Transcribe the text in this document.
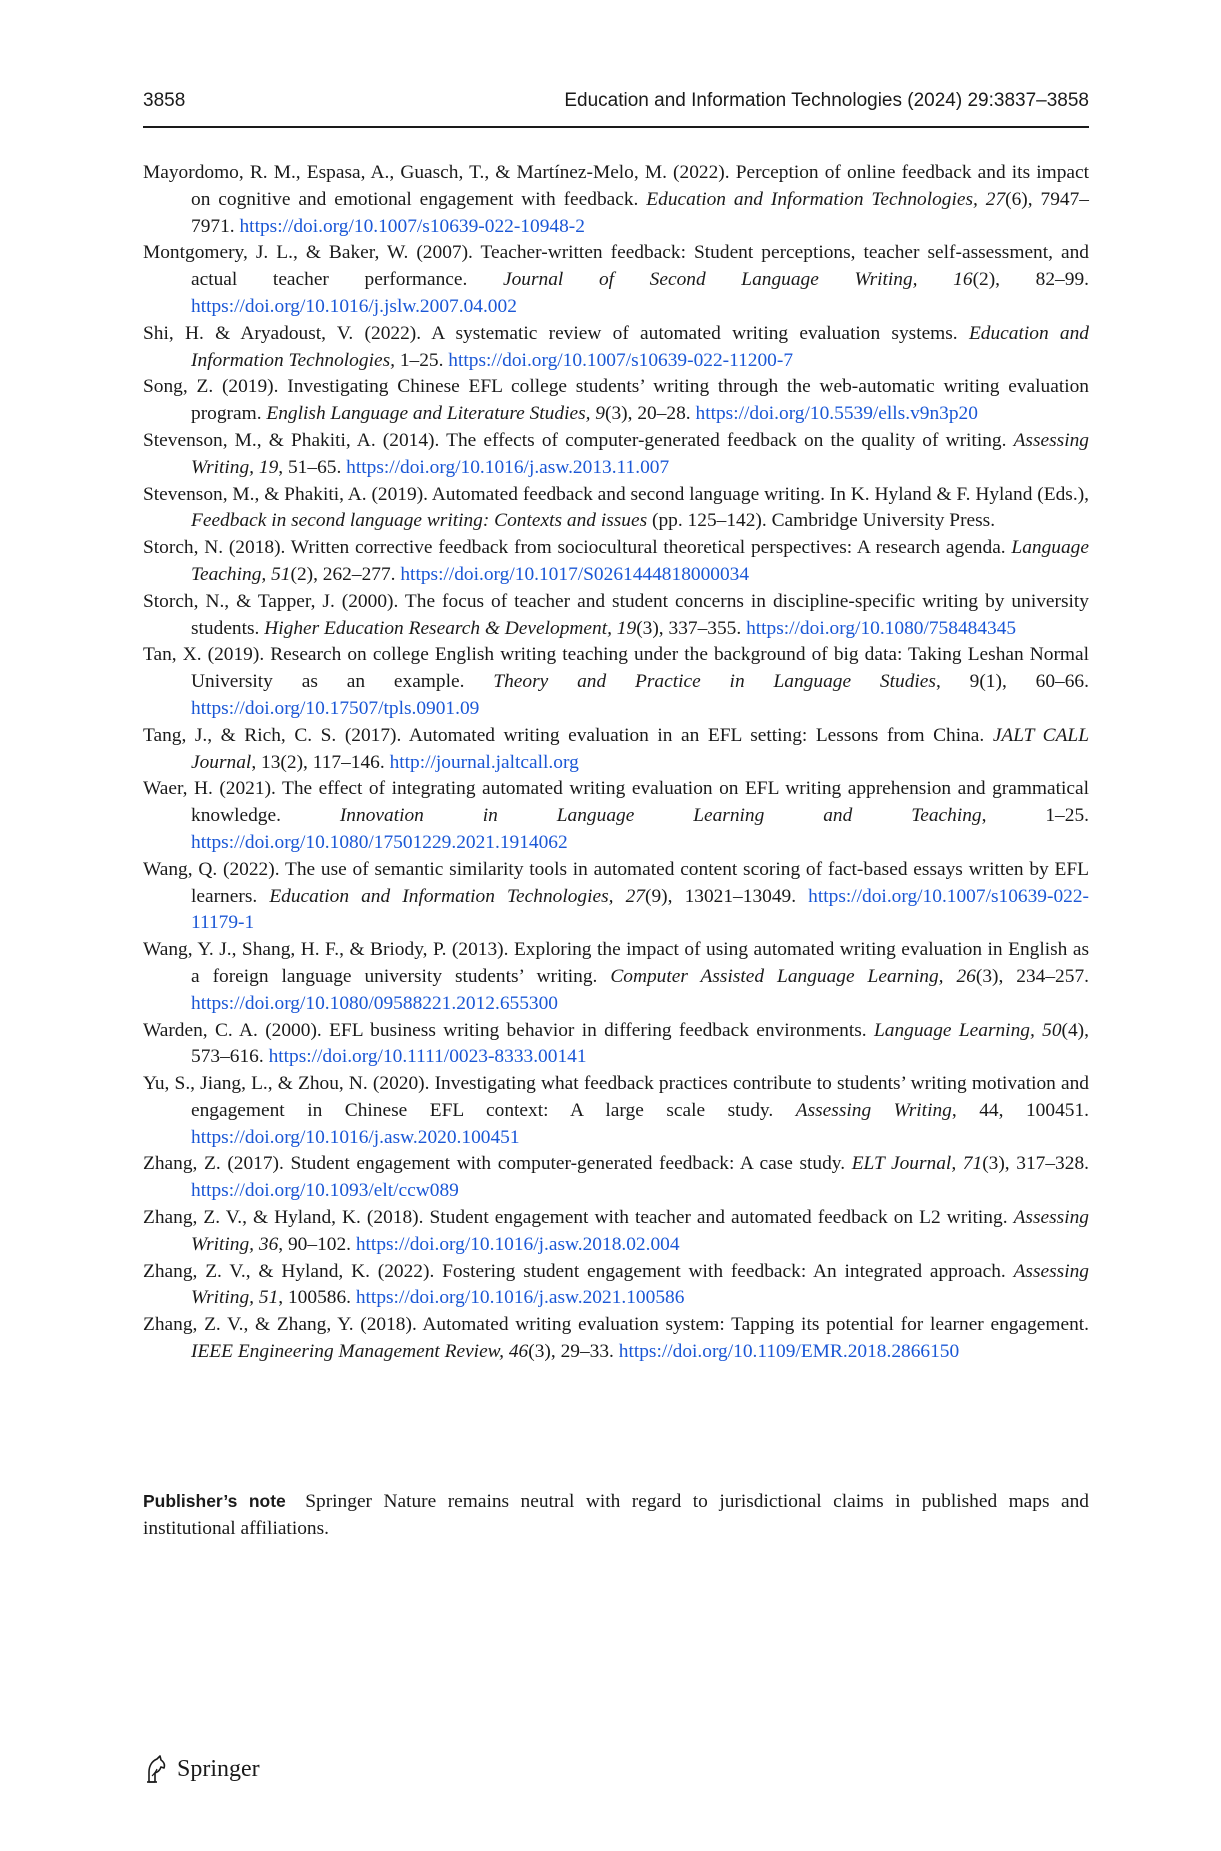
3858	Education and Information Technologies (2024) 29:3837–3858
Mayordomo, R. M., Espasa, A., Guasch, T., & Martínez-Melo, M. (2022). Perception of online feedback and its impact on cognitive and emotional engagement with feedback. Education and Information Technologies, 27(6), 7947–7971. https://doi.org/10.1007/s10639-022-10948-2
Montgomery, J. L., & Baker, W. (2007). Teacher-written feedback: Student perceptions, teacher self-assessment, and actual teacher performance. Journal of Second Language Writing, 16(2), 82–99. https://doi.org/10.1016/j.jslw.2007.04.002
Shi, H. & Aryadoust, V. (2022). A systematic review of automated writing evaluation systems. Education and Information Technologies, 1–25. https://doi.org/10.1007/s10639-022-11200-7
Song, Z. (2019). Investigating Chinese EFL college students’ writing through the web-automatic writing evaluation program. English Language and Literature Studies, 9(3), 20–28. https://doi.org/10.5539/ells.v9n3p20
Stevenson, M., & Phakiti, A. (2014). The effects of computer-generated feedback on the quality of writing. Assessing Writing, 19, 51–65. https://doi.org/10.1016/j.asw.2013.11.007
Stevenson, M., & Phakiti, A. (2019). Automated feedback and second language writing. In K. Hyland & F. Hyland (Eds.), Feedback in second language writing: Contexts and issues (pp. 125–142). Cambridge University Press.
Storch, N. (2018). Written corrective feedback from sociocultural theoretical perspectives: A research agenda. Language Teaching, 51(2), 262–277. https://doi.org/10.1017/S0261444818000034
Storch, N., & Tapper, J. (2000). The focus of teacher and student concerns in discipline-specific writing by university students. Higher Education Research & Development, 19(3), 337–355. https://doi.org/10.1080/758484345
Tan, X. (2019). Research on college English writing teaching under the background of big data: Taking Leshan Normal University as an example. Theory and Practice in Language Studies, 9(1), 60–66. https://doi.org/10.17507/tpls.0901.09
Tang, J., & Rich, C. S. (2017). Automated writing evaluation in an EFL setting: Lessons from China. JALT CALL Journal, 13(2), 117–146. http://journal.jaltcall.org
Waer, H. (2021). The effect of integrating automated writing evaluation on EFL writing apprehension and grammatical knowledge. Innovation in Language Learning and Teaching, 1–25. https://doi.org/10.1080/17501229.2021.1914062
Wang, Q. (2022). The use of semantic similarity tools in automated content scoring of fact-based essays written by EFL learners. Education and Information Technologies, 27(9), 13021–13049. https://doi.org/10.1007/s10639-022-11179-1
Wang, Y. J., Shang, H. F., & Briody, P. (2013). Exploring the impact of using automated writing evaluation in English as a foreign language university students’ writing. Computer Assisted Language Learning, 26(3), 234–257. https://doi.org/10.1080/09588221.2012.655300
Warden, C. A. (2000). EFL business writing behavior in differing feedback environments. Language Learning, 50(4), 573–616. https://doi.org/10.1111/0023-8333.00141
Yu, S., Jiang, L., & Zhou, N. (2020). Investigating what feedback practices contribute to students’ writing motivation and engagement in Chinese EFL context: A large scale study. Assessing Writing, 44, 100451. https://doi.org/10.1016/j.asw.2020.100451
Zhang, Z. (2017). Student engagement with computer-generated feedback: A case study. ELT Journal, 71(3), 317–328. https://doi.org/10.1093/elt/ccw089
Zhang, Z. V., & Hyland, K. (2018). Student engagement with teacher and automated feedback on L2 writing. Assessing Writing, 36, 90–102. https://doi.org/10.1016/j.asw.2018.02.004
Zhang, Z. V., & Hyland, K. (2022). Fostering student engagement with feedback: An integrated approach. Assessing Writing, 51, 100586. https://doi.org/10.1016/j.asw.2021.100586
Zhang, Z. V., & Zhang, Y. (2018). Automated writing evaluation system: Tapping its potential for learner engagement. IEEE Engineering Management Review, 46(3), 29–33. https://doi.org/10.1109/EMR.2018.2866150
Publisher’s note Springer Nature remains neutral with regard to jurisdictional claims in published maps and institutional affiliations.
Springer
